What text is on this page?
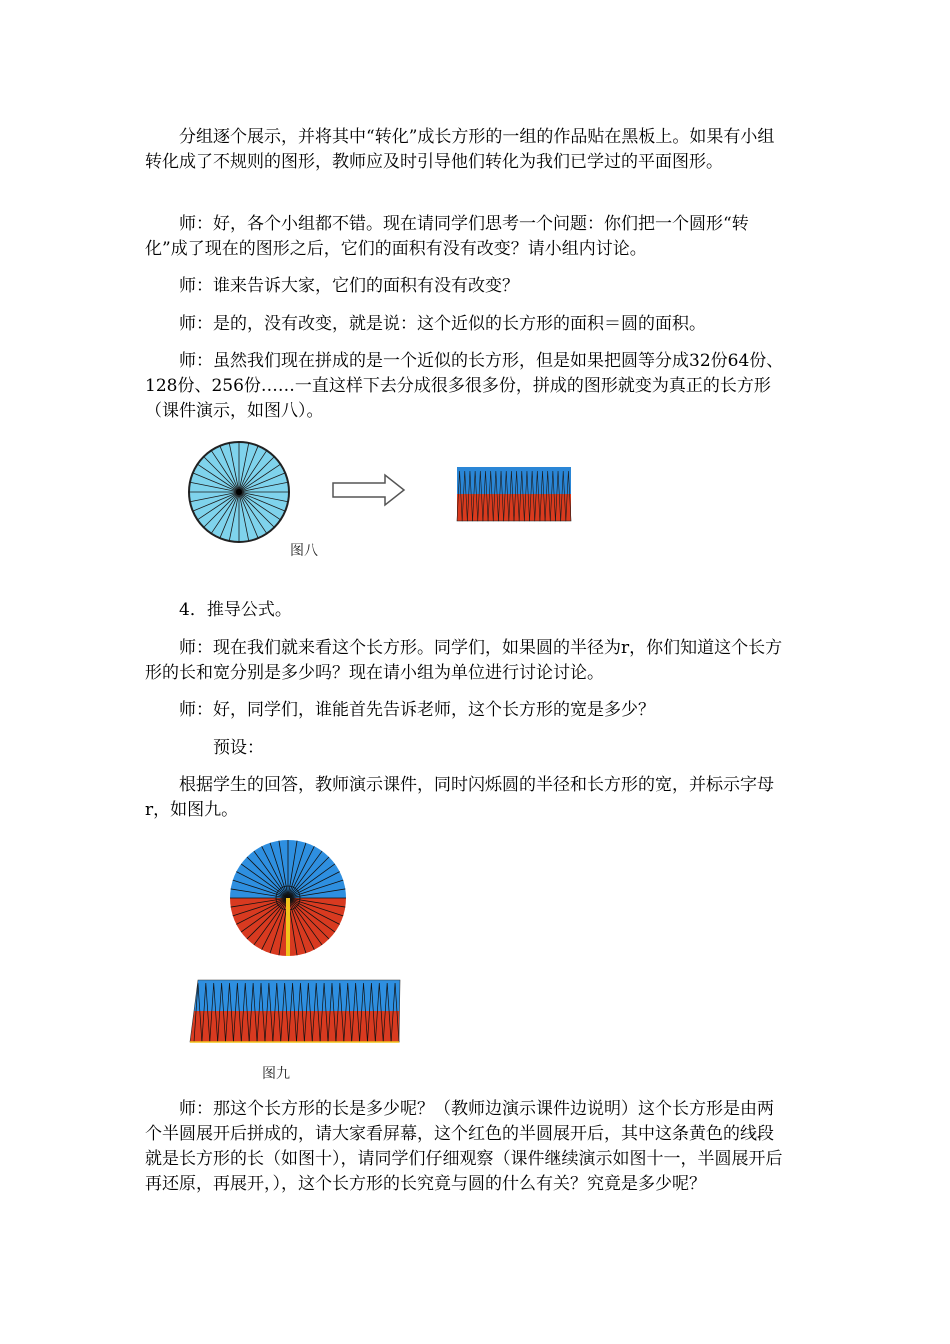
分组逐个展示，并将其中“转化”成长方形的一组的作品贴在黑板上。如果有小组转化成了不规则的图形，教师应及时引导他们转化为我们已学过的平面图形。

师：好，各个小组都不错。现在请同学们思考一个问题：你们把一个圆形“转化”成了现在的图形之后，它们的面积有没有改变？请小组内讨论。

师：谁来告诉大家，它们的面积有没有改变？

师：是的，没有改变，就是说：这个近似的长方形的面积＝圆的面积。

师：虽然我们现在拼成的是一个近似的长方形，但是如果把圆等分成32份64份、128份、256份……一直这样下去分成很多很多份，拼成的图形就变为真正的长方形（课件演示，如图八）。

图八

4．推导公式。

师：现在我们就来看这个长方形。同学们，如果圆的半径为r，你们知道这个长方形的长和宽分别是多少吗？现在请小组为单位进行讨论讨论。

师：好，同学们，谁能首先告诉老师，这个长方形的宽是多少？

预设：

根据学生的回答，教师演示课件，同时闪烁圆的半径和长方形的宽，并标示字母r，如图九。

图九

师：那这个长方形的长是多少呢？（教师边演示课件边说明）这个长方形是由两个半圆展开后拼成的，请大家看屏幕，这个红色的半圆展开后，其中这条黄色的线段就是长方形的长（如图十），请同学们仔细观察（课件继续演示如图十一，半圆展开后再还原，再展开，），这个长方形的长究竟与圆的什么有关？究竟是多少呢？
